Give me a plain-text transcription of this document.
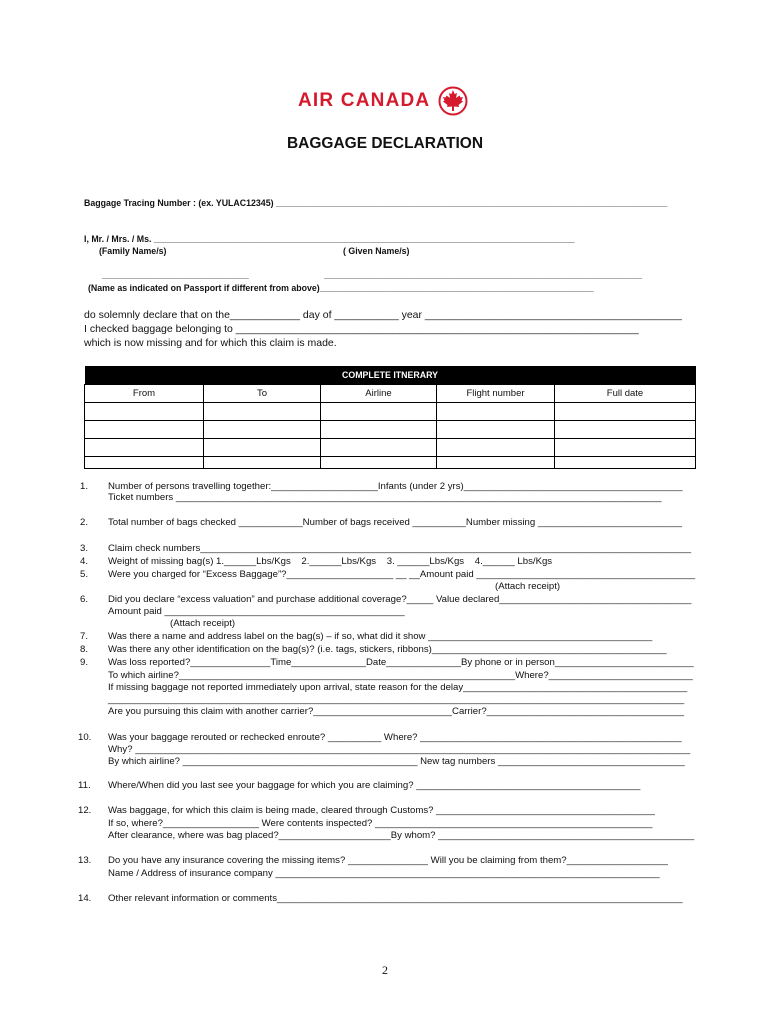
AIR CANADA
BAGGAGE DECLARATION
Baggage Tracing Number : (ex. YULAC12345) ________________________________________________________________________________
I, Mr. / Mrs. / Ms. ______________________________________________________________________________________
(Family Name/s)	( Given Name/s)
______________________________	_________________________________________________________________
(Name as indicated on Passport if different from above)________________________________________________________
do solemnly declare that on the____________ day of ___________ year ____________________________________________
I checked baggage belonging to _____________________________________________________________________
which is now missing and for which this claim is made.
COMPLETE ITNERARY				
From	To	Airline	Flight number	Full date

1. Number of persons travelling together:____________________Infants (under 2 yrs)_________________________________________
Ticket numbers ___________________________________________________________________________________________
2. Total number of bags checked ____________Number of bags received __________Number missing ___________________________
3. Claim check numbers____________________________________________________________________________________________
4. Weight of missing bag(s) 1.______Lbs/Kgs    2.______Lbs/Kgs    3. ______Lbs/Kgs    4.______ Lbs/Kgs
5. Were you charged for “Excess Baggage”?____________________ __ __Amount paid _________________________________________
(Attach receipt)
6. Did you declare “excess valuation” and purchase additional coverage?_____ Value declared____________________________________
Amount paid _____________________________________________
(Attach receipt)
7. Was there a name and address label on the bag(s) – if so, what did it show __________________________________________
8. Was there any other identification on the bag(s)? (i.e. tags, stickers, ribbons)____________________________________________
9. Was loss reported?_______________Time______________Date______________By phone or in person__________________________
To which airline?_______________________________________________________________Where?___________________________
If missing baggage not reported immediately upon arrival, state reason for the delay__________________________________________
____________________________________________________________________________________________________________
Are you pursuing this claim with another carrier?__________________________Carrier?_____________________________________
10. Was your baggage rerouted or rechecked enroute? __________ Where? _________________________________________________
Why? ________________________________________________________________________________________________________
By which airline? ____________________________________________ New tag numbers ___________________________________
11. Where/When did you last see your baggage for which you are claiming? __________________________________________
12. Was baggage, for which this claim is being made, cleared through Customs? _________________________________________
If so, where?__________________ Were contents inspected? ____________________________________________________
After clearance, where was bag placed?_____________________By whom? ________________________________________________
13. Do you have any insurance covering the missing items? _______________ Will you be claiming from them?___________________
Name / Address of insurance company ________________________________________________________________________
14. Other relevant information or comments____________________________________________________________________________
2
